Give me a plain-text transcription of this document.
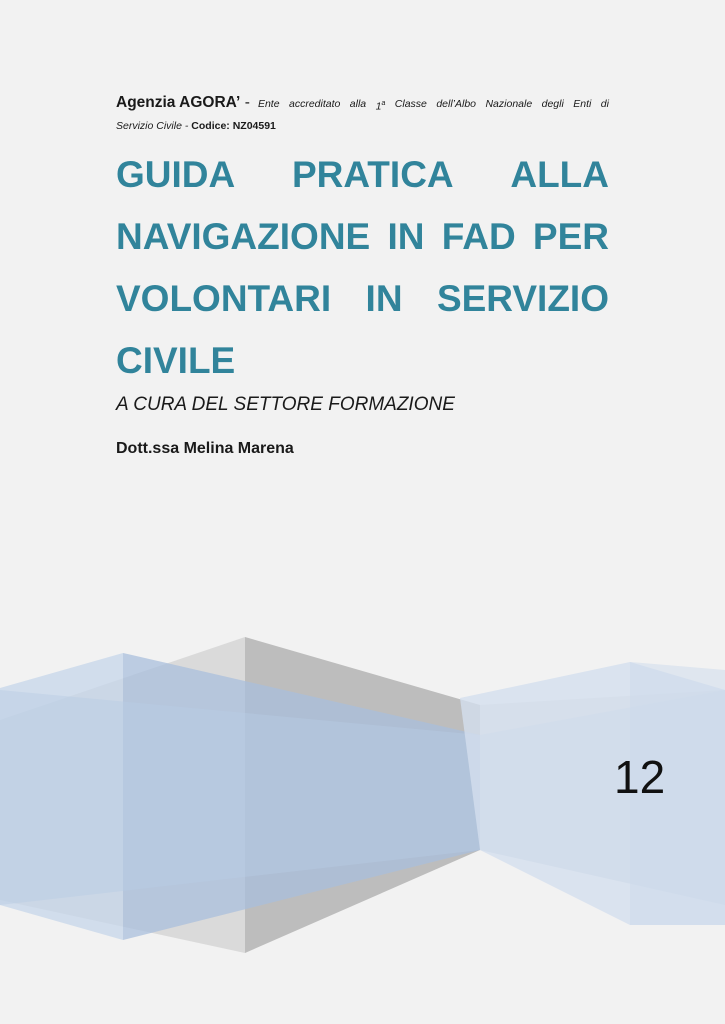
Agenzia AGORA’ - Ente accreditato alla 1$^a$ Classe dell’Albo Nazionale degli Enti di
Servizio Civile - Codice: NZ04591
GUIDA PRATICA ALLA
NAVIGAZIONE IN FAD PER
VOLONTARI IN SERVIZIO
CIVILE
A CURA DEL SETTORE FORMAZIONE
Dott.ssa Melina Marena
12
